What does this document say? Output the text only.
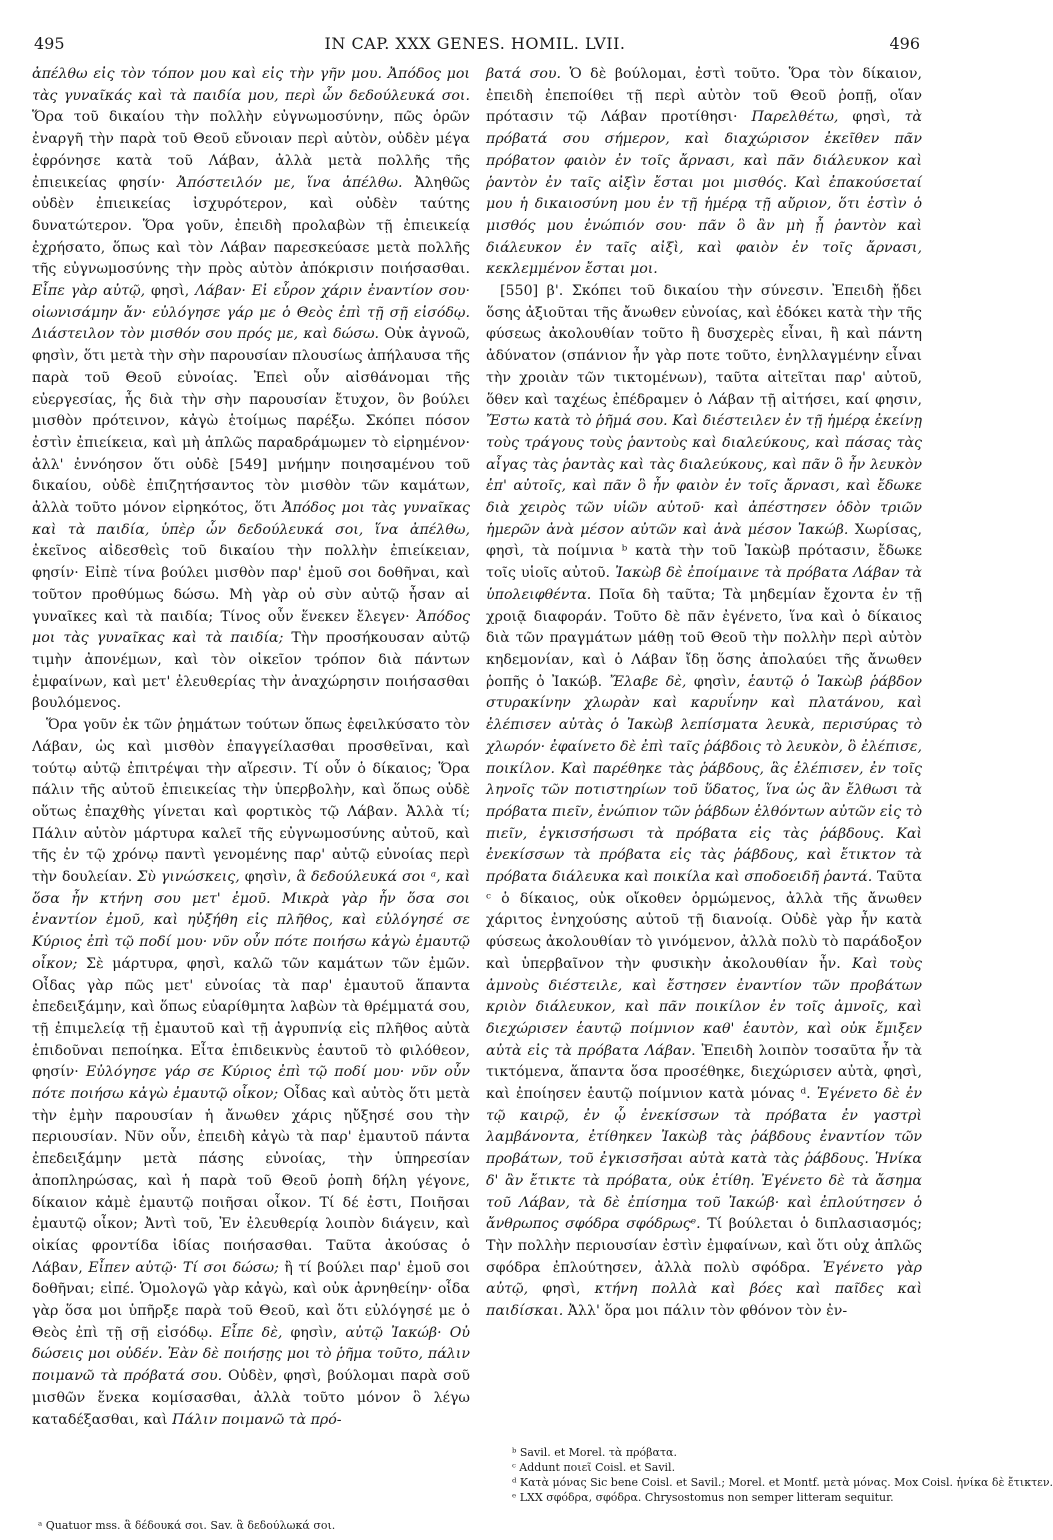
495	IN CAP. XXX GENES. HOMIL. LVII.	496

ἀπέλθω εἰς τὸν τόπον μου καὶ εἰς τὴν γῆν μου. Ἀπόδος μοι τὰς γυναῖκάς καὶ τὰ παιδία μου, περὶ ὧν δεδούλευκά σοι. Ὅρα τοῦ δικαίου τὴν πολλὴν εὐγνωμοσύνην, πῶς ὁρῶν ἐναργῆ τὴν παρὰ τοῦ Θεοῦ εὔνοιαν περὶ αὐτὸν, οὐδὲν μέγα ἐφρόνησε κατὰ τοῦ Λάβαν, ἀλλὰ μετὰ πολλῆς τῆς ἐπιεικείας φησίν· Ἀπόστειλόν με, ἵνα ἀπέλθω. Ἀληθῶς οὐδὲν ἐπιεικείας ἰσχυρότερον, καὶ οὐδὲν ταύτης δυνατώτερον. Ὅρα γοῦν, ἐπειδὴ προλαβὼν τῇ ἐπιεικείᾳ ἐχρήσατο, ὅπως καὶ τὸν Λάβαν παρεσκεύασε μετὰ πολλῆς τῆς εὐγνωμοσύνης τὴν πρὸς αὐτὸν ἀπόκρισιν ποιήσασθαι. Εἶπε γὰρ αὐτῷ, φησὶ, Λάβαν· Εἰ εὗρον χάριν ἐναντίον σου· οἰωνισάμην ἄν· εὐλόγησε γάρ με ὁ Θεὸς ἐπὶ τῇ σῇ εἰσόδῳ. Διάστειλον τὸν μισθόν σου πρός με, καὶ δώσω. Οὐκ ἀγνοῶ, φησὶν, ὅτι μετὰ τὴν σὴν παρουσίαν πλουσίως ἀπήλαυσα τῆς παρὰ τοῦ Θεοῦ εὐνοίας. Ἐπεὶ οὖν αἰσθάνομαι τῆς εὐεργεσίας, ἧς διὰ τὴν σὴν παρουσίαν ἔτυχον, ὃν βούλει μισθὸν πρότεινον, κἀγὼ ἑτοίμως παρέξω. Σκόπει πόσον ἐστὶν ἐπιείκεια, καὶ μὴ ἁπλῶς παραδράμωμεν τὸ εἰρημένον· ἀλλ' ἐννόησον ὅτι οὐδὲ [549] μνήμην ποιησαμένου τοῦ δικαίου, οὐδὲ ἐπιζητήσαντος τὸν μισθὸν τῶν καμάτων, ἀλλὰ τοῦτο μόνον εἰρηκότος, ὅτι Ἀπόδος μοι τὰς γυναῖκας καὶ τὰ παιδία, ὑπὲρ ὧν δεδούλευκά σοι, ἵνα ἀπέλθω, ἐκεῖνος αἰδεσθεὶς τοῦ δικαίου τὴν πολλὴν ἐπιείκειαν, φησίν· Εἰπὲ τίνα βούλει μισθὸν παρ' ἐμοῦ σοι δοθῆναι, καὶ τοῦτον προθύμως δώσω. Μὴ γὰρ οὐ σὺν αὐτῷ ἦσαν αἱ γυναῖκες καὶ τὰ παιδία; Τίνος οὖν ἕνεκεν ἔλεγεν· Ἀπόδος μοι τὰς γυναῖκας καὶ τὰ παιδία; Τὴν προσήκουσαν αὐτῷ τιμὴν ἀπονέμων, καὶ τὸν οἰκεῖον τρόπον διὰ πάντων ἐμφαίνων, καὶ μετ' ἐλευθερίας τὴν ἀναχώρησιν ποιήσασθαι βουλόμενος.

Ὅρα γοῦν ἐκ τῶν ῥημάτων τούτων ὅπως ἐφειλκύσατο τὸν Λάβαν, ὡς καὶ μισθὸν ἐπαγγείλασθαι προσθεῖναι, καὶ τούτῳ αὐτῷ ἐπιτρέψαι τὴν αἵρεσιν. Τί οὖν ὁ δίκαιος; Ὅρα πάλιν τῆς αὐτοῦ ἐπιεικείας τὴν ὑπερβολὴν, καὶ ὅπως οὐδὲ οὕτως ἐπαχθὴς γίνεται καὶ φορτικὸς τῷ Λάβαν. Ἀλλὰ τί; Πάλιν αὐτὸν μάρτυρα καλεῖ τῆς εὐγνωμοσύνης αὐτοῦ, καὶ τῆς ἐν τῷ χρόνῳ παντὶ γενομένης παρ' αὐτῷ εὐνοίας περὶ τὴν δουλείαν. Σὺ γινώσκεις, φησὶν, ἃ δεδούλευκά σοι ᵃ, καὶ ὅσα ἦν κτήνη σου μετ' ἐμοῦ. Μικρὰ γὰρ ἦν ὅσα σοι ἐναντίον ἐμοῦ, καὶ ηὐξήθη εἰς πλῆθος, καὶ εὐλόγησέ σε Κύριος ἐπὶ τῷ ποδί μου· νῦν οὖν πότε ποιήσω κἀγὼ ἐμαυτῷ οἶκον; Σὲ μάρτυρα, φησὶ, καλῶ τῶν καμάτων τῶν ἐμῶν. Οἶδας γὰρ πῶς μετ' εὐνοίας τὰ παρ' ἐμαυτοῦ ἅπαντα ἐπεδειξάμην, καὶ ὅπως εὐαρίθμητα λαβὼν τὰ θρέμματά σου, τῇ ἐπιμελείᾳ τῇ ἐμαυτοῦ καὶ τῇ ἀγρυπνίᾳ εἰς πλῆθος αὐτὰ ἐπιδοῦναι πεποίηκα. Εἶτα ἐπιδεικνὺς ἑαυτοῦ τὸ φιλόθεον, φησίν· Εὐλόγησε γάρ σε Κύριος ἐπὶ τῷ ποδί μου· νῦν οὖν πότε ποιήσω κἀγὼ ἐμαυτῷ οἶκον; Οἶδας καὶ αὐτὸς ὅτι μετὰ τὴν ἐμὴν παρουσίαν ἡ ἄνωθεν χάρις ηὔξησέ σου τὴν περιουσίαν. Νῦν οὖν, ἐπειδὴ κἀγὼ τὰ παρ' ἐμαυτοῦ πάντα ἐπεδειξάμην μετὰ πάσης εὐνοίας, τὴν ὑπηρεσίαν ἀποπληρώσας, καὶ ἡ παρὰ τοῦ Θεοῦ ῥοπὴ δήλη γέγονε, δίκαιον κἀμὲ ἐμαυτῷ ποιῆσαι οἶκον. Τί δέ ἐστι, Ποιῆσαι ἐμαυτῷ οἶκον; Ἀντὶ τοῦ, Ἐν ἐλευθερίᾳ λοιπὸν διάγειν, καὶ οἰκίας φροντίδα ἰδίας ποιήσασθαι. Ταῦτα ἀκούσας ὁ Λάβαν, Εἶπεν αὐτῷ· Τί σοι δώσω; ἢ τί βούλει παρ' ἐμοῦ σοι δοθῆναι; εἰπέ. Ὁμολογῶ γὰρ κἀγὼ, καὶ οὐκ ἀρνηθείην· οἶδα γὰρ ὅσα μοι ὑπῆρξε παρὰ τοῦ Θεοῦ, καὶ ὅτι εὐλόγησέ με ὁ Θεὸς ἐπὶ τῇ σῇ εἰσόδῳ. Εἶπε δὲ, φησὶν, αὐτῷ Ἰακώβ· Οὐ δώσεις μοι οὐδέν. Ἐὰν δὲ ποιήσῃς μοι τὸ ῥῆμα τοῦτο, πάλιν ποιμανῶ τὰ πρόβατά σου. Οὐδὲν, φησὶ, βούλομαι παρὰ σοῦ μισθῶν ἕνεκα κομίσασθαι, ἀλλὰ τοῦτο μόνον ὃ λέγω καταδέξασθαι, καὶ Πάλιν ποιμανῶ τὰ πρό-

βατά σου. Ὁ δὲ βούλομαι, ἐστὶ τοῦτο. Ὅρα τὸν δίκαιον, ἐπειδὴ ἐπεποίθει τῇ περὶ αὐτὸν τοῦ Θεοῦ ῥοπῇ, οἵαν πρότασιν τῷ Λάβαν προτίθησι· Παρελθέτω, φησὶ, τὰ πρόβατά σου σήμερον, καὶ διαχώρισον ἐκεῖθεν πᾶν πρόβατον φαιὸν ἐν τοῖς ἄρνασι, καὶ πᾶν διάλευκον καὶ ῥαντὸν ἐν ταῖς αἰξὶν ἔσται μοι μισθός. Καὶ ἐπακούσεταί μου ἡ δικαιοσύνη μου ἐν τῇ ἡμέρᾳ τῇ αὔριον, ὅτι ἐστὶν ὁ μισθός μου ἐνώπιόν σου· πᾶν ὃ ἂν μὴ ᾖ ῥαντὸν καὶ διάλευκον ἐν ταῖς αἰξὶ, καὶ φαιὸν ἐν τοῖς ἄρνασι, κεκλεμμένον ἔσται μοι.

[550] β'. Σκόπει τοῦ δικαίου τὴν σύνεσιν. Ἐπειδὴ ᾔδει ὅσης ἀξιοῦται τῆς ἄνωθεν εὐνοίας, καὶ ἐδόκει κατὰ τὴν τῆς φύσεως ἀκολουθίαν τοῦτο ἢ δυσχερὲς εἶναι, ἢ καὶ πάντη ἀδύνατον (σπάνιον ἦν γὰρ ποτε τοῦτο, ἐνηλλαγμένην εἶναι τὴν χροιὰν τῶν τικτομένων), ταῦτα αἰτεῖται παρ' αὐτοῦ, ὅθεν καὶ ταχέως ἐπέδραμεν ὁ Λάβαν τῇ αἰτήσει, καί φησιν, Ἔστω κατὰ τὸ ῥῆμά σου. Καὶ διέστειλεν ἐν τῇ ἡμέρᾳ ἐκείνῃ τοὺς τράγους τοὺς ῥαντοὺς καὶ διαλεύκους, καὶ πάσας τὰς αἶγας τὰς ῥαντὰς καὶ τὰς διαλεύκους, καὶ πᾶν ὃ ἦν λευκὸν ἐπ' αὐτοῖς, καὶ πᾶν ὃ ἦν φαιὸν ἐν τοῖς ἄρνασι, καὶ ἔδωκε διὰ χειρὸς τῶν υἱῶν αὐτοῦ· καὶ ἀπέστησεν ὁδὸν τριῶν ἡμερῶν ἀνὰ μέσον αὐτῶν καὶ ἀνὰ μέσον Ἰακώβ. Χωρίσας, φησὶ, τὰ ποίμνια ᵇ κατὰ τὴν τοῦ Ἰακὼβ πρότασιν, ἔδωκε τοῖς υἱοῖς αὐτοῦ. Ἰακὼβ δὲ ἐποίμαινε τὰ πρόβατα Λάβαν τὰ ὑπολειφθέντα. Ποῖα δὴ ταῦτα; Τὰ μηδεμίαν ἔχοντα ἐν τῇ χροιᾷ διαφοράν. Τοῦτο δὲ πᾶν ἐγένετο, ἵνα καὶ ὁ δίκαιος διὰ τῶν πραγμάτων μάθῃ τοῦ Θεοῦ τὴν πολλὴν περὶ αὐτὸν κηδεμονίαν, καὶ ὁ Λάβαν ἴδῃ ὅσης ἀπολαύει τῆς ἄνωθεν ῥοπῆς ὁ Ἰακώβ. Ἔλαβε δὲ, φησὶν, ἑαυτῷ ὁ Ἰακὼβ ῥάβδον στυρακίνην χλωρὰν καὶ καρυΐνην καὶ πλατάνου, καὶ ἐλέπισεν αὐτὰς ὁ Ἰακὼβ λεπίσματα λευκὰ, περισύρας τὸ χλωρόν· ἐφαίνετο δὲ ἐπὶ ταῖς ῥάβδοις τὸ λευκὸν, ὃ ἐλέπισε, ποικίλον. Καὶ παρέθηκε τὰς ῥάβδους, ἃς ἐλέπισεν, ἐν τοῖς ληνοῖς τῶν ποτιστηρίων τοῦ ὕδατος, ἵνα ὡς ἂν ἔλθωσι τὰ πρόβατα πιεῖν, ἐνώπιον τῶν ῥάβδων ἐλθόντων αὐτῶν εἰς τὸ πιεῖν, ἐγκισσήσωσι τὰ πρόβατα εἰς τὰς ῥάβδους. Καὶ ἐνεκίσσων τὰ πρόβατα εἰς τὰς ῥάβδους, καὶ ἔτικτον τὰ πρόβατα διάλευκα καὶ ποικίλα καὶ σποδοειδῆ ῥαντά. Ταῦτα ᶜ ὁ δίκαιος, οὐκ οἴκοθεν ὁρμώμενος, ἀλλὰ τῆς ἄνωθεν χάριτος ἐνηχούσης αὐτοῦ τῇ διανοίᾳ. Οὐδὲ γὰρ ἦν κατὰ φύσεως ἀκολουθίαν τὸ γινόμενον, ἀλλὰ πολὺ τὸ παράδοξον καὶ ὑπερβαῖνον τὴν φυσικὴν ἀκολουθίαν ἦν. Καὶ τοὺς ἀμνοὺς διέστειλε, καὶ ἔστησεν ἐναντίον τῶν προβάτων κριὸν διάλευκον, καὶ πᾶν ποικίλον ἐν τοῖς ἀμνοῖς, καὶ διεχώρισεν ἑαυτῷ ποίμνιον καθ' ἑαυτὸν, καὶ οὐκ ἔμιξεν αὐτὰ εἰς τὰ πρόβατα Λάβαν. Ἐπειδὴ λοιπὸν τοσαῦτα ἦν τὰ τικτόμενα, ἅπαντα ὅσα προσέθηκε, διεχώρισεν αὐτὰ, φησὶ, καὶ ἐποίησεν ἑαυτῷ ποίμνιον κατὰ μόνας ᵈ. Ἐγένετο δὲ ἐν τῷ καιρῷ, ἐν ᾧ ἐνεκίσσων τὰ πρόβατα ἐν γαστρὶ λαμβάνοντα, ἐτίθηκεν Ἰακὼβ τὰς ῥάβδους ἐναντίον τῶν προβάτων, τοῦ ἐγκισσῆσαι αὐτὰ κατὰ τὰς ῥάβδους. Ἡνίκα δ' ἂν ἔτικτε τὰ πρόβατα, οὐκ ἐτίθη. Ἐγένετο δὲ τὰ ἄσημα τοῦ Λάβαν, τὰ δὲ ἐπίσημα τοῦ Ἰακώβ· καὶ ἐπλούτησεν ὁ ἄνθρωπος σφόδρα σφόδρωςᵉ. Τί βούλεται ὁ διπλασιασμός; Τὴν πολλὴν περιουσίαν ἐστὶν ἐμφαίνων, καὶ ὅτι οὐχ ἁπλῶς σφόδρα ἐπλούτησεν, ἀλλὰ πολὺ σφόδρα. Ἐγένετο γὰρ αὐτῷ, φησὶ, κτήνη πολλὰ καὶ βόες καὶ παῖδες καὶ παιδίσκαι. Ἀλλ' ὅρα μοι πάλιν τὸν φθόνον τὸν ἐν-

ᵃ Quatuor mss. ἃ δέδουκά σοι. Sav. ἃ δεδούλωκά σοι.
ᵇ Savil. et Morel. τὰ πρόβατα.
ᶜ Addunt ποιεῖ Coisl. et Savil.
ᵈ Κατὰ μόνας Sic bene Coisl. et Savil.; Morel. et Montf. μετὰ μόνας. Mox Coisl. ἡνίκα δὲ ἔτικτεν.
ᵉ LXX σφόδρα, σφόδρα. Chrysostomus non semper litteram sequitur.
